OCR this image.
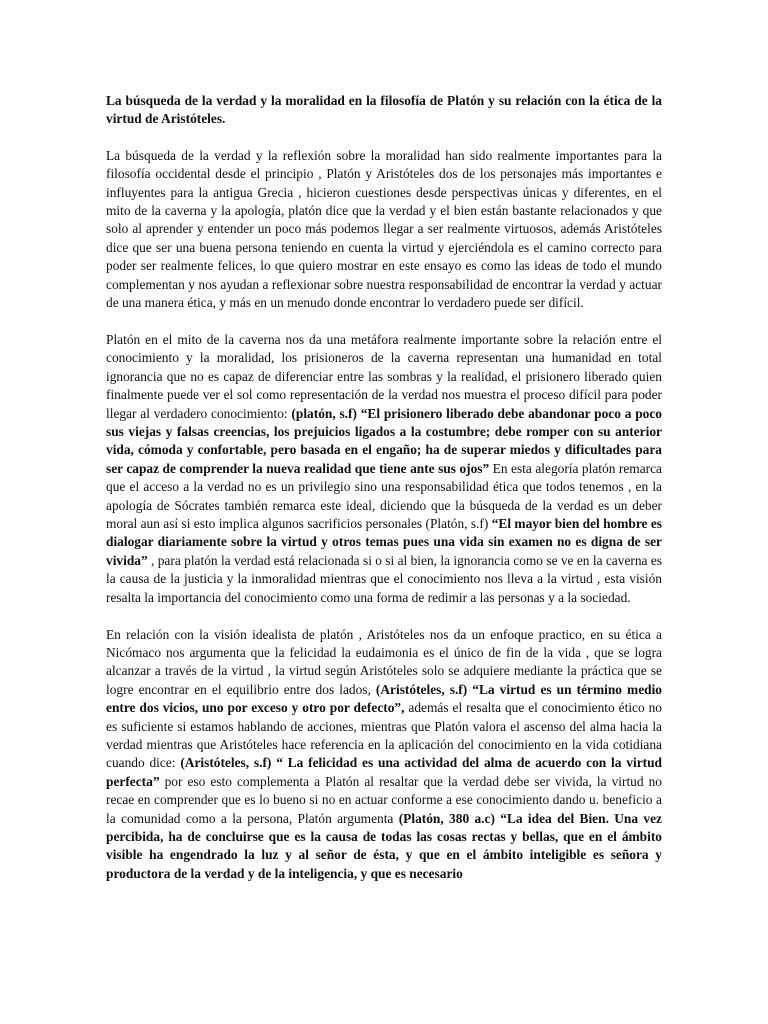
La búsqueda de la verdad y la moralidad en la filosofía de Platón y su relación con la ética de la virtud de Aristóteles.

La búsqueda de la verdad y la reflexión sobre la moralidad han sido realmente importantes para la filosofía occidental desde el principio , Platón y Aristóteles dos de los personajes más importantes e influyentes para la antigua Grecia , hicieron cuestiones desde perspectivas únicas y diferentes, en el mito de la caverna y la apología, platón dice que la verdad y el bien están bastante relacionados y que solo al aprender y entender un poco más podemos llegar a ser realmente virtuosos, además Aristóteles dice que ser una buena persona teniendo en cuenta la virtud y ejerciéndola es el camino correcto para poder ser realmente felices, lo que quiero mostrar en este ensayo es como las ideas de todo el mundo complementan y nos ayudan a reflexionar sobre nuestra responsabilidad de encontrar la verdad y actuar de una manera ética, y más en un menudo donde encontrar lo verdadero puede ser difícil.

Platón en el mito de la caverna nos da una metáfora realmente importante sobre la relación entre el conocimiento y la moralidad, los prisioneros de la caverna representan una humanidad en total ignorancia que no es capaz de diferenciar entre las sombras y la realidad, el prisionero liberado quien finalmente puede ver el sol como representación de la verdad nos muestra el proceso difícil para poder llegar al verdadero conocimiento: (platón, s.f) “El prisionero liberado debe abandonar poco a poco sus viejas y falsas creencias, los prejuicios ligados a la costumbre; debe romper con su anterior vida, cómoda y confortable, pero basada en el engaño; ha de superar miedos y dificultades para ser capaz de comprender la nueva realidad que tiene ante sus ojos” En esta alegoría platón remarca que el acceso a la verdad no es un privilegio sino una responsabilidad ética que todos tenemos , en la apología de Sócrates también remarca este ideal, diciendo que la búsqueda de la verdad es un deber moral aun así si esto implica algunos sacrificios personales (Platón, s.f) “El mayor bien del hombre es dialogar diariamente sobre la virtud y otros temas pues una vida sin examen no es digna de ser vivida” , para platón la verdad está relacionada si o si al bien, la ignorancia como se ve en la caverna es la causa de la justicia y la inmoralidad mientras que el conocimiento nos lleva a la virtud , esta visión resalta la importancia del conocimiento como una forma de redimir a las personas y a la sociedad.

En relación con la visión idealista de platón , Aristóteles nos da un enfoque practico, en su ética a Nicómaco nos argumenta que la felicidad la eudaimonia es el único de fin de la vida , que se logra alcanzar a través de la virtud , la virtud según Aristóteles solo se adquiere mediante la práctica que se logre encontrar en el equilibrio entre dos lados, (Aristóteles, s.f) “La virtud es un término medio entre dos vicios, uno por exceso y otro por defecto”, además el resalta que el conocimiento ético no es suficiente si estamos hablando de acciones, mientras que Platón valora el ascenso del alma hacia la verdad mientras que Aristóteles hace referencia en la aplicación del conocimiento en la vida cotidiana cuando dice: (Aristóteles, s.f) “ La felicidad es una actividad del alma de acuerdo con la virtud perfecta” por eso esto complementa a Platón al resaltar que la verdad debe ser vivida, la virtud no recae en comprender que es lo bueno si no en actuar conforme a ese conocimiento dando u. beneficio a la comunidad como a la persona, Platón argumenta (Platón, 380 a.c) “La idea del Bien. Una vez percibida, ha de concluirse que es la causa de todas las cosas rectas y bellas, que en el ámbito visible ha engendrado la luz y al señor de ésta, y que en el ámbito inteligible es señora y productora de la verdad y de la inteligencia, y que es necesario
